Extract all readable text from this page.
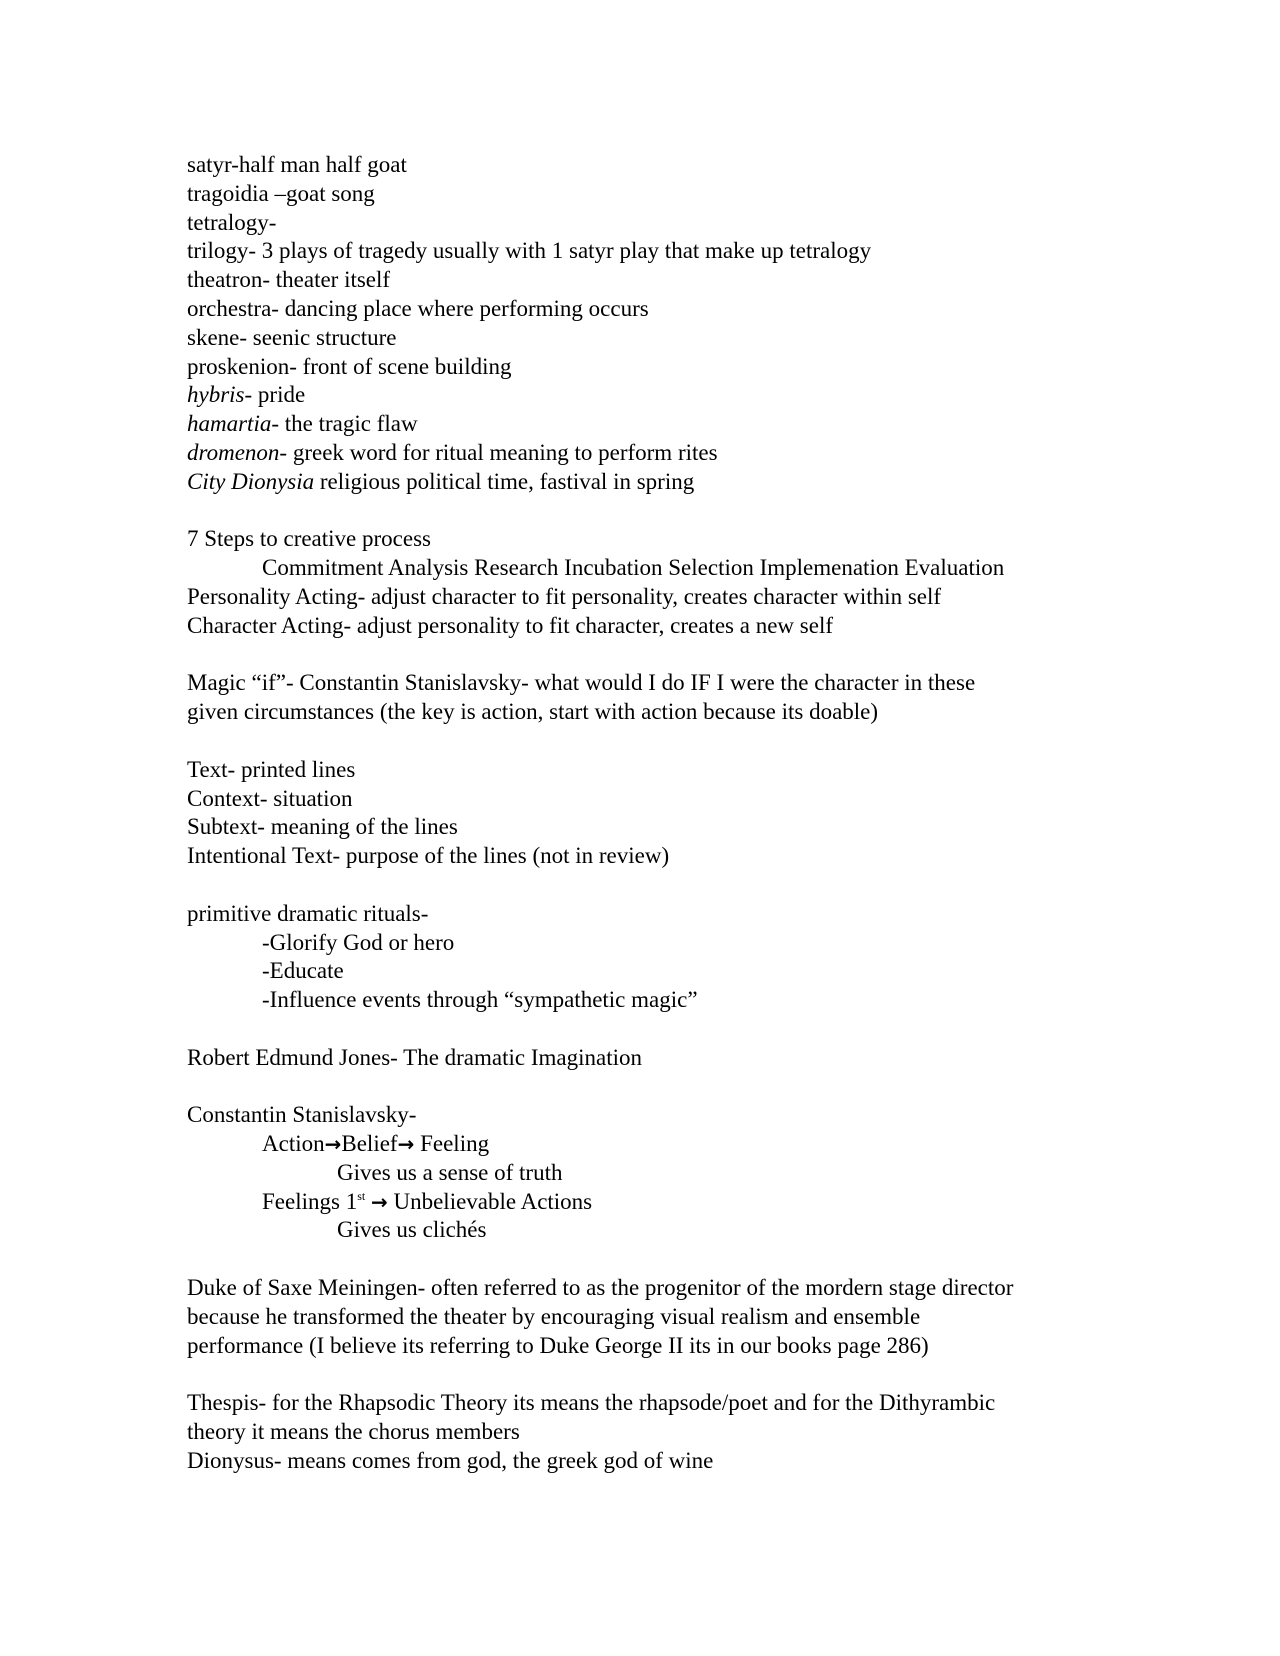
satyr-half man half goat
tragoidia –goat song
tetralogy-
trilogy- 3 plays of tragedy usually with 1 satyr play that make up tetralogy
theatron- theater itself
orchestra- dancing place where performing occurs
skene- seenic structure
proskenion- front of scene building
hybris- pride
hamartia- the tragic flaw
dromenon- greek word for ritual meaning to perform rites
City Dionysia religious political time, fastival in spring
7 Steps to creative process
Commitment Analysis Research Incubation Selection Implemenation Evaluation
Personality Acting- adjust character to fit personality, creates character within self
Character Acting- adjust personality to fit character, creates a new self
Magic “if”- Constantin Stanislavsky- what would I do IF I were the character in these
given circumstances (the key is action, start with action because its doable)
Text- printed lines
Context- situation
Subtext- meaning of the lines
Intentional Text- purpose of the lines (not in review)
primitive dramatic rituals-
-Glorify God or hero
-Educate
-Influence events through “sympathetic magic”
Robert Edmund Jones- The dramatic Imagination
Constantin Stanislavsky-
Action→Belief→ Feeling
Gives us a sense of truth
Feelings 1st → Unbelievable Actions
Gives us clichés
Duke of Saxe Meiningen- often referred to as the progenitor of the mordern stage director
because he transformed the theater by encouraging visual realism and ensemble
performance (I believe its referring to Duke George II its in our books page 286)
Thespis- for the Rhapsodic Theory its means the rhapsode/poet and for the Dithyrambic
theory it means the chorus members
Dionysus- means comes from god, the greek god of wine
